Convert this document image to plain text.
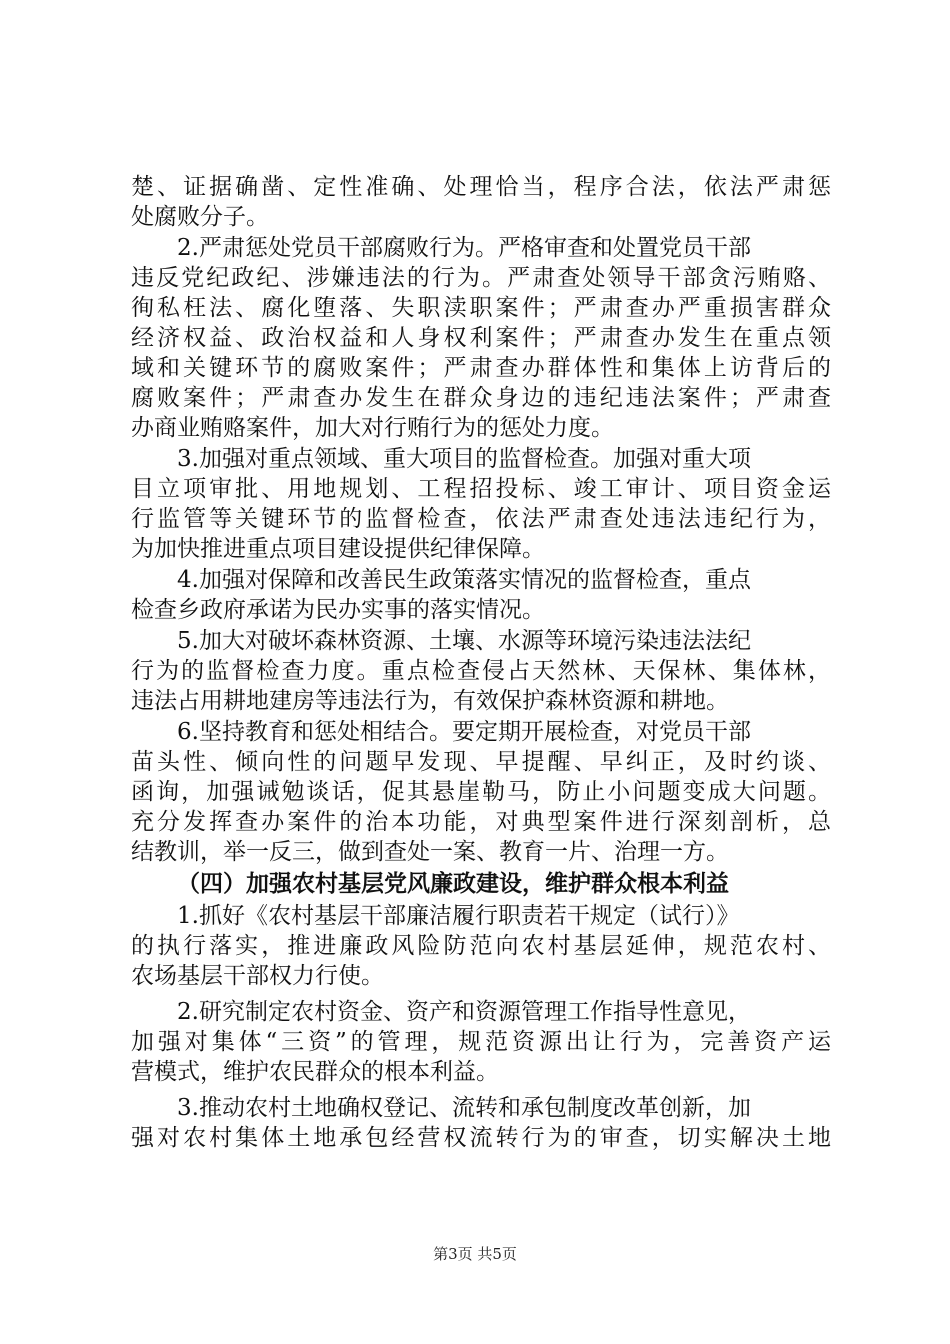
楚、证据确凿、定性准确、处理恰当，程序合法，依法严肃惩
处腐败分子。
2.严肃惩处党员干部腐败行为。严格审查和处置党员干部
违反党纪政纪、涉嫌违法的行为。严肃查处领导干部贪污贿赂、
徇私枉法、腐化堕落、失职渎职案件；严肃查办严重损害群众
经济权益、政治权益和人身权利案件；严肃查办发生在重点领
域和关键环节的腐败案件；严肃查办群体性和集体上访背后的
腐败案件；严肃查办发生在群众身边的违纪违法案件；严肃查
办商业贿赂案件，加大对行贿行为的惩处力度。
3.加强对重点领域、重大项目的监督检查。加强对重大项
目立项审批、用地规划、工程招投标、竣工审计、项目资金运
行监管等关键环节的监督检查，依法严肃查处违法违纪行为，
为加快推进重点项目建设提供纪律保障。
4.加强对保障和改善民生政策落实情况的监督检查，重点
检查乡政府承诺为民办实事的落实情况。
5.加大对破坏森林资源、土壤、水源等环境污染违法法纪
行为的监督检查力度。重点检查侵占天然林、天保林、集体林，
违法占用耕地建房等违法行为，有效保护森林资源和耕地。
6.坚持教育和惩处相结合。要定期开展检查，对党员干部
苗头性、倾向性的问题早发现、早提醒、早纠正，及时约谈、
函询，加强诫勉谈话，促其悬崖勒马，防止小问题变成大问题。
充分发挥查办案件的治本功能，对典型案件进行深刻剖析，总
结教训，举一反三，做到查处一案、教育一片、治理一方。
（四）加强农村基层党风廉政建设，维护群众根本利益
1.抓好《农村基层干部廉洁履行职责若干规定（试行）》
的执行落实，推进廉政风险防范向农村基层延伸，规范农村、
农场基层干部权力行使。
2.研究制定农村资金、资产和资源管理工作指导性意见，
加强对集体“三资”的管理，规范资源出让行为，完善资产运
营模式，维护农民群众的根本利益。
3.推动农村土地确权登记、流转和承包制度改革创新，加
强对农村集体土地承包经营权流转行为的审查，切实解决土地
第3页 共5页
